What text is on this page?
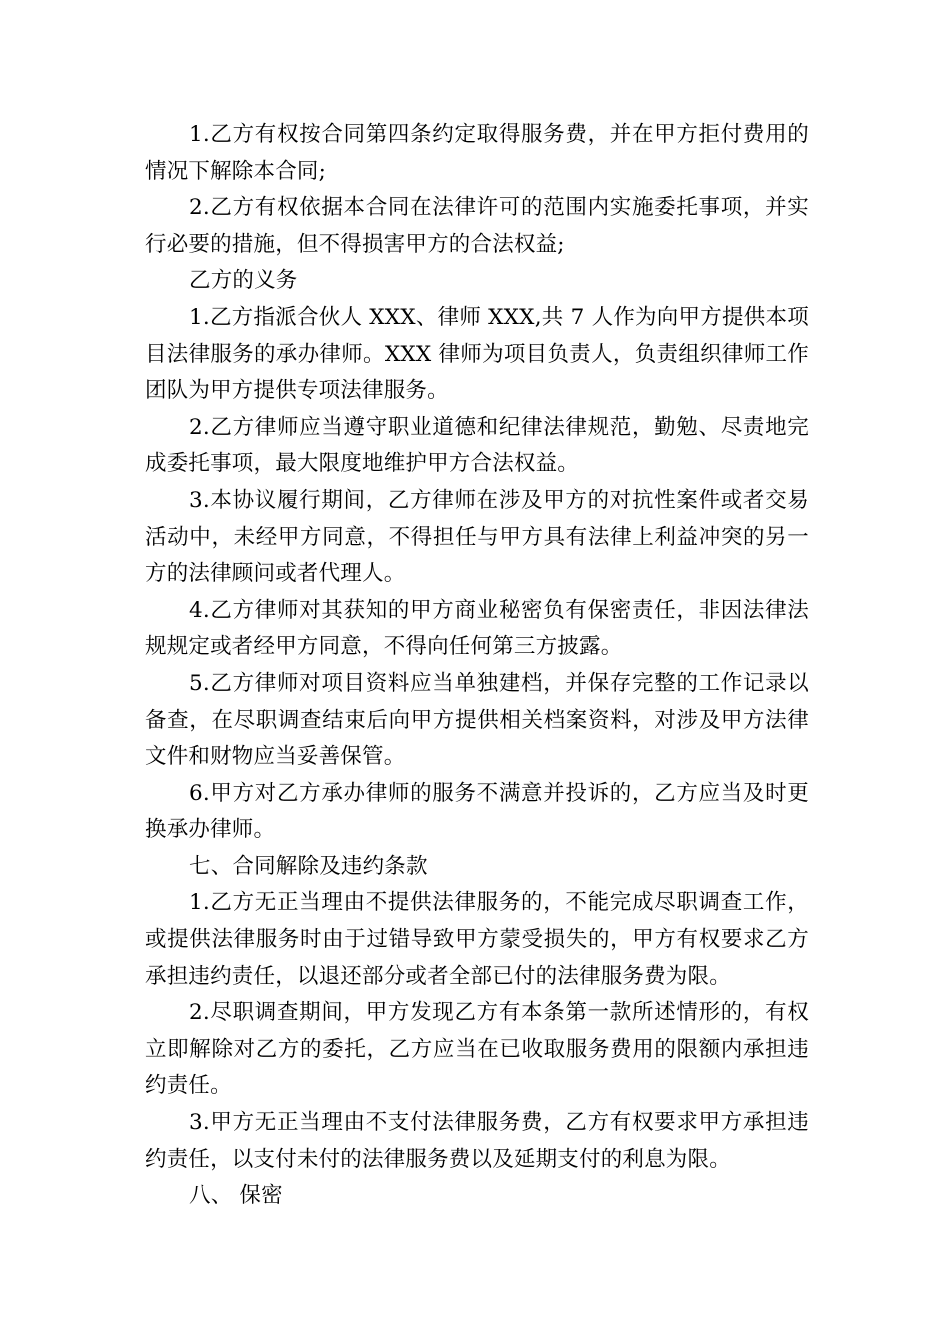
1.乙方有权按合同第四条约定取得服务费，并在甲方拒付费用的情况下解除本合同;

2.乙方有权依据本合同在法律许可的范围内实施委托事项，并实行必要的措施，但不得损害甲方的合法权益;

乙方的义务

1.乙方指派合伙人 XXX、律师 XXX,共 7 人作为向甲方提供本项目法律服务的承办律师。XXX 律师为项目负责人，负责组织律师工作团队为甲方提供专项法律服务。

2.乙方律师应当遵守职业道德和纪律法律规范，勤勉、尽责地完成委托事项，最大限度地维护甲方合法权益。

3.本协议履行期间，乙方律师在涉及甲方的对抗性案件或者交易活动中，未经甲方同意，不得担任与甲方具有法律上利益冲突的另一方的法律顾问或者代理人。

4.乙方律师对其获知的甲方商业秘密负有保密责任，非因法律法规规定或者经甲方同意，不得向任何第三方披露。

5.乙方律师对项目资料应当单独建档，并保存完整的工作记录以备查，在尽职调查结束后向甲方提供相关档案资料，对涉及甲方法律文件和财物应当妥善保管。

6.甲方对乙方承办律师的服务不满意并投诉的，乙方应当及时更换承办律师。

七、合同解除及违约条款

1.乙方无正当理由不提供法律服务的，不能完成尽职调查工作，或提供法律服务时由于过错导致甲方蒙受损失的，甲方有权要求乙方承担违约责任，以退还部分或者全部已付的法律服务费为限。

2.尽职调查期间，甲方发现乙方有本条第一款所述情形的，有权立即解除对乙方的委托，乙方应当在已收取服务费用的限额内承担违约责任。

3.甲方无正当理由不支付法律服务费，乙方有权要求甲方承担违约责任，以支付未付的法律服务费以及延期支付的利息为限。

八、 保密
